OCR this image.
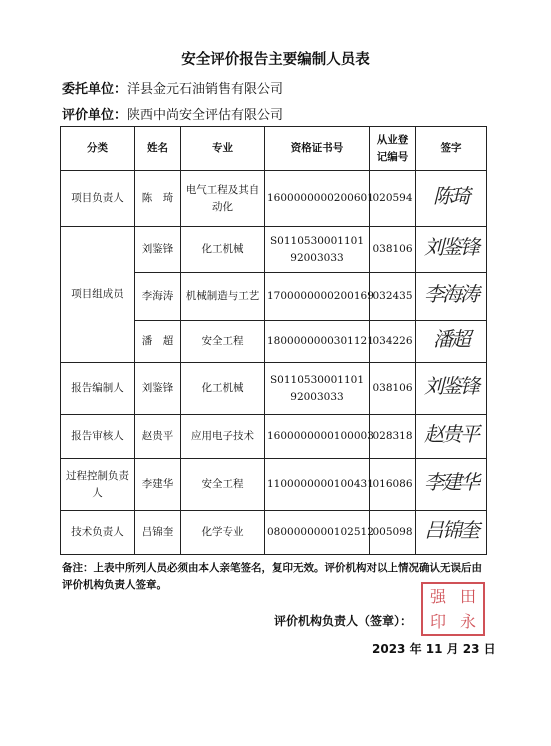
安全评价报告主要编制人员表
委托单位：洋县金元石油销售有限公司
评价单位：陕西中尚安全评估有限公司
分类	姓名	专业	资格证书号	从业登记编号	签字
项目负责人	陈　琦	电气工程及其自动化	1600000000200601	020594	陈琦
项目组成员	刘鉴锋	化工机械	S011053000110192003033	038106	刘鉴锋
	李海涛	机械制造与工艺	1700000000200169	032435	李海涛
	潘　超	安全工程	1800000000301121	034226	潘超
报告编制人	刘鉴锋	化工机械	S011053000110192003033	038106	刘鉴锋
报告审核人	赵贵平	应用电子技术	1600000000100003	028318	赵贵平

过程控制负责人	李建华	安全工程	1100000000100431	016086	李建华
技术负责人	吕锦奎	化学专业	0800000000102512	005098	吕锦奎
备注：上表中所列人员必须由本人亲笔签名，复印无效。评价机构对以上情况确认无误后由评价机构负责人签章。
强 田
印 永
评价机构负责人（签章）：
2023 年 11 月 23 日
